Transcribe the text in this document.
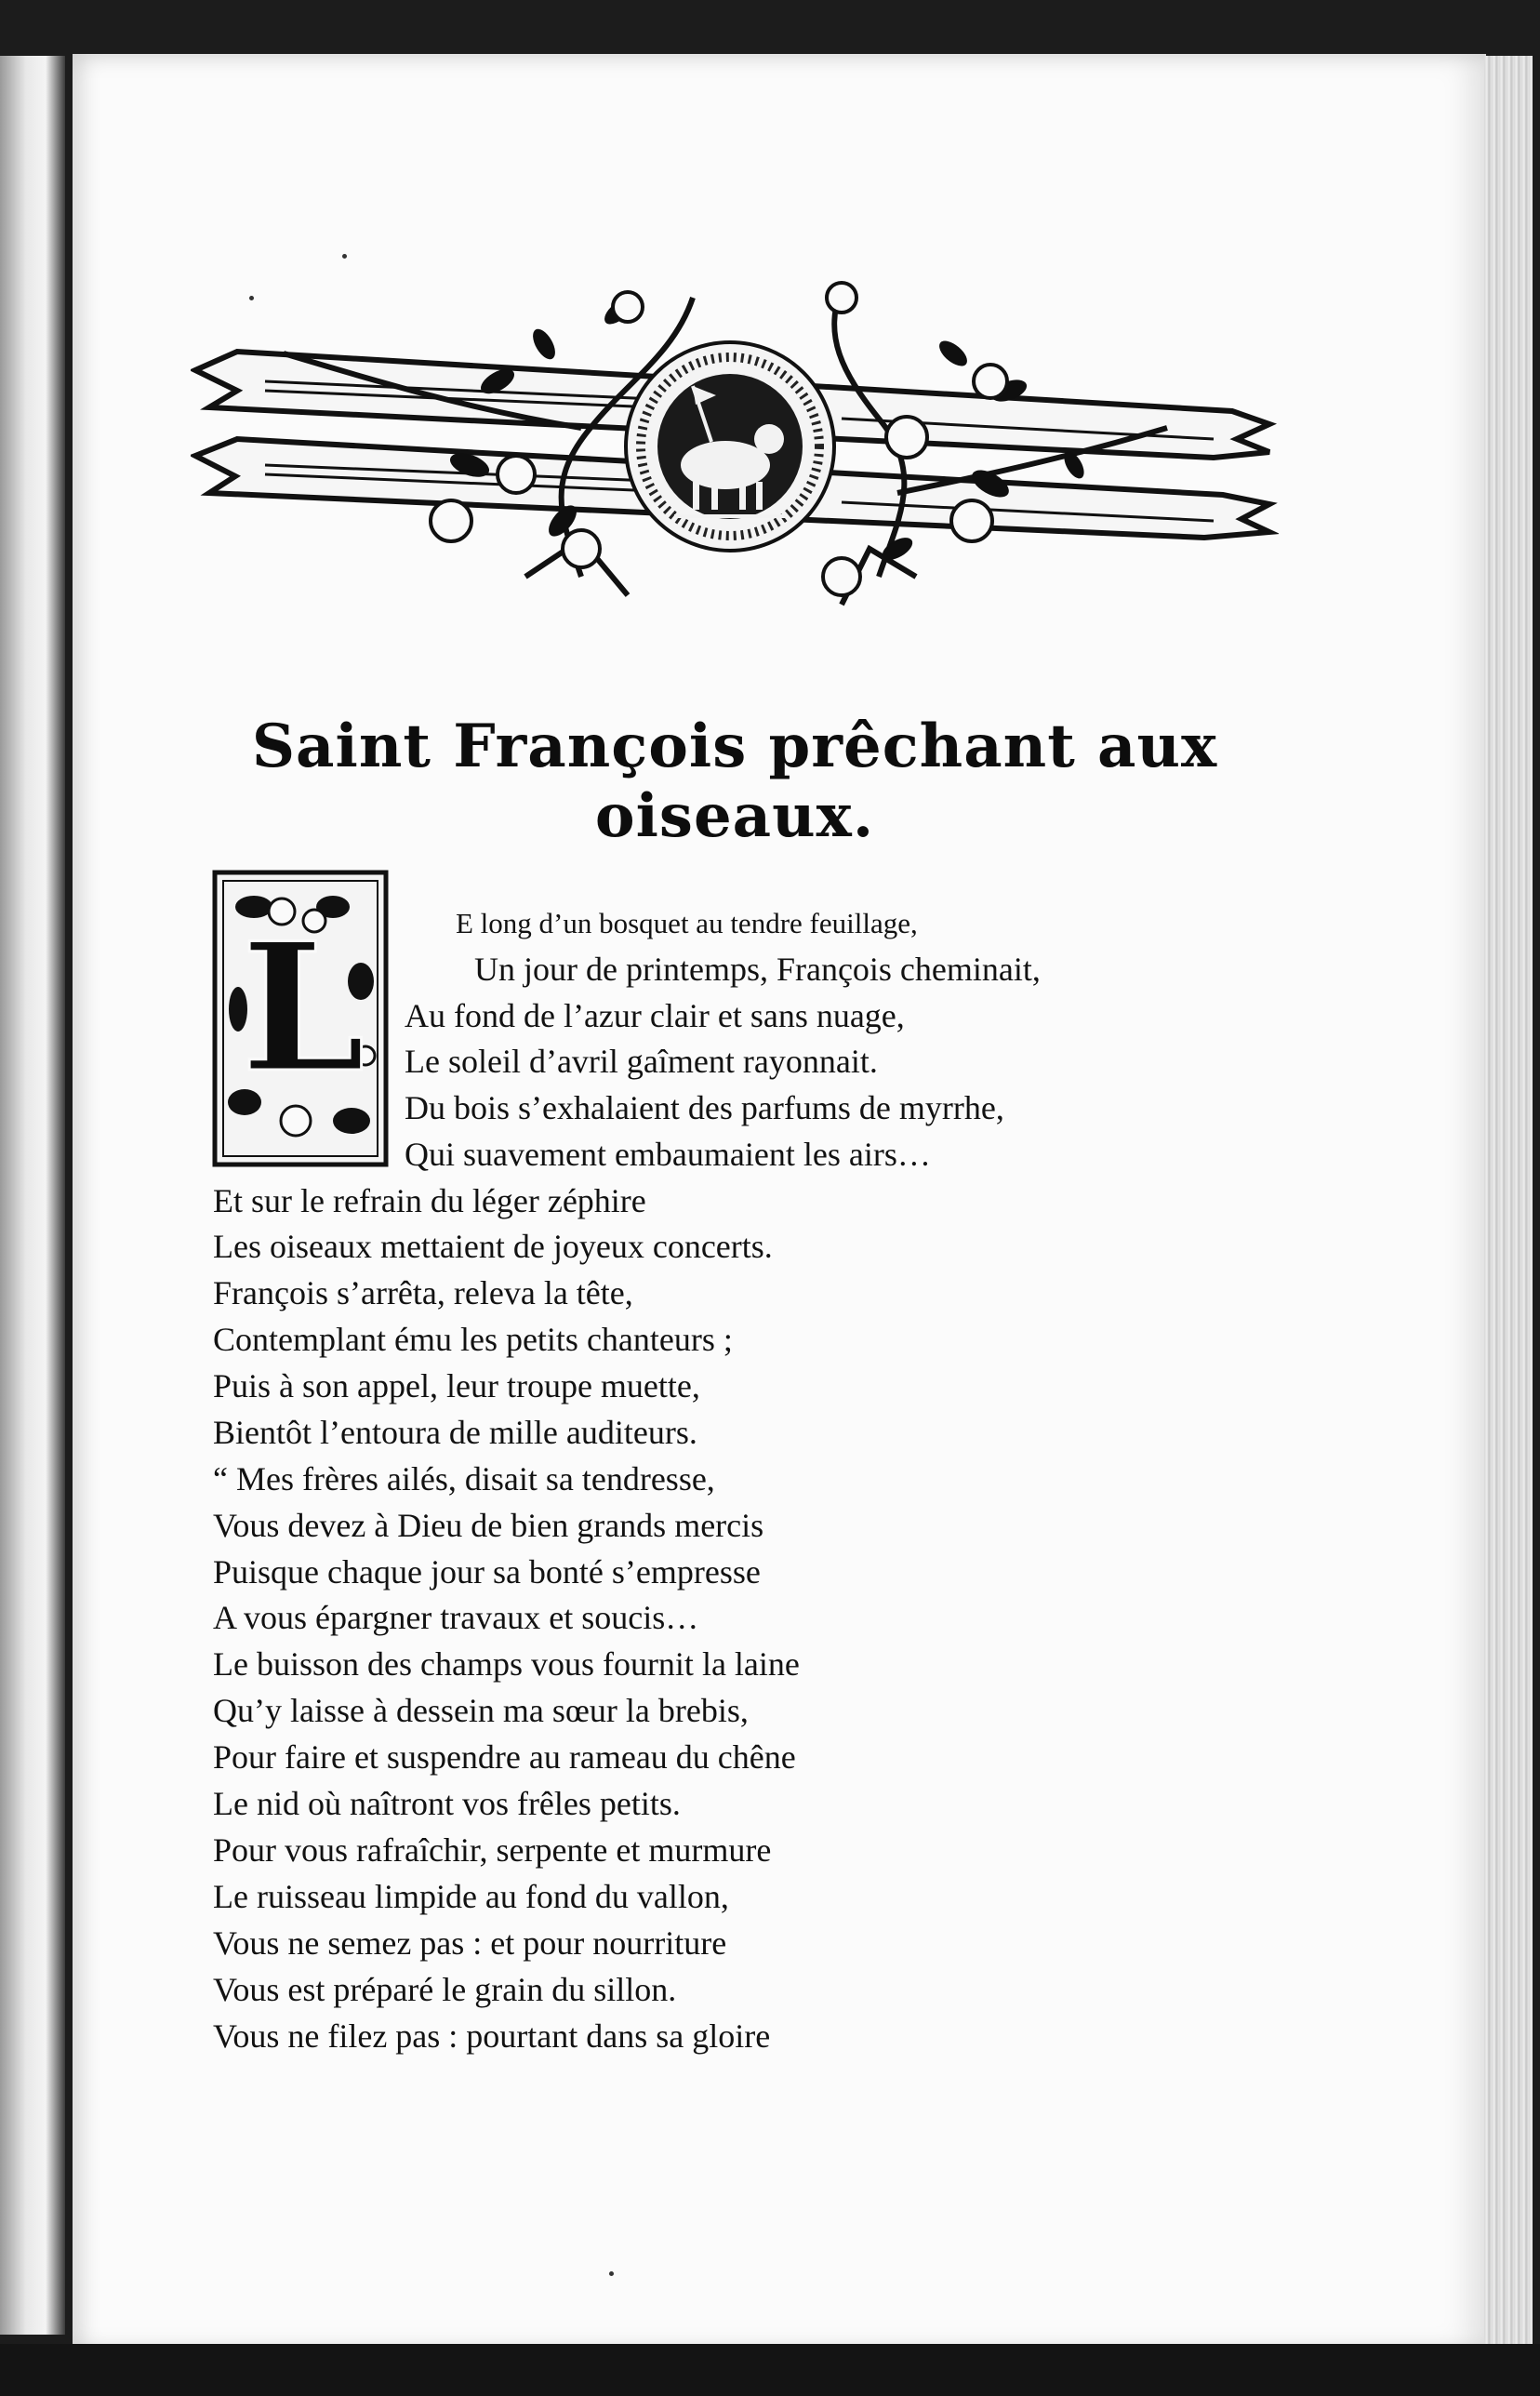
Saint François prêchant aux oiseaux.
L	E long d’un bosquet au tendre feuillage,
Un jour de printemps, François cheminait,
Au fond de l’azur clair et sans nuage,
Le soleil d’avril gaîment rayonnait.
Du bois s’exhalaient des parfums de myrrhe,
Qui suavement embaumaient les airs…
Et sur le refrain du léger zéphire
Les oiseaux mettaient de joyeux concerts.
François s’arrêta, releva la tête,
Contemplant ému les petits chanteurs ;
Puis à son appel, leur troupe muette,
Bientôt l’entoura de mille auditeurs.
“ Mes frères ailés, disait sa tendresse,
Vous devez à Dieu de bien grands mercis
Puisque chaque jour sa bonté s’empresse
A vous épargner travaux et soucis…
Le buisson des champs vous fournit la laine
Qu’y laisse à dessein ma sœur la brebis,
Pour faire et suspendre au rameau du chêne
Le nid où naîtront vos frêles petits.
Pour vous rafraîchir, serpente et murmure
Le ruisseau limpide au fond du vallon,
Vous ne semez pas : et pour nourriture
Vous est préparé le grain du sillon.
Vous ne filez pas : pourtant dans sa gloire
